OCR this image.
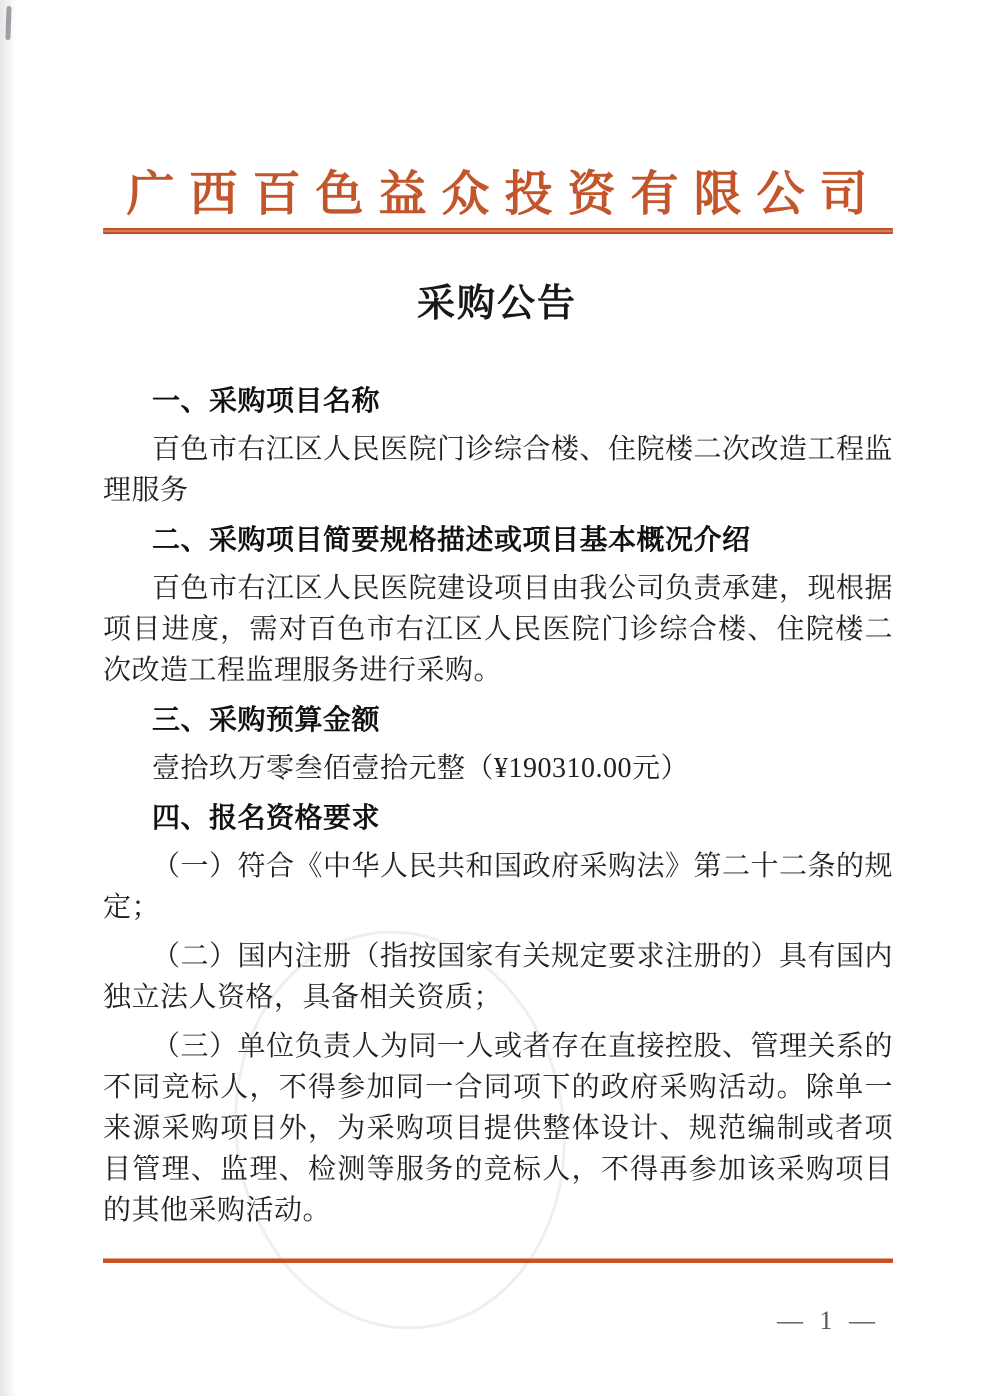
广西百色益众投资有限公司
采购公告

一、采购项目名称

百色市右江区人民医院门诊综合楼、住院楼二次改造工程监理服务

二、采购项目简要规格描述或项目基本概况介绍

百色市右江区人民医院建设项目由我公司负责承建，现根据项目进度，需对百色市右江区人民医院门诊综合楼、住院楼二次改造工程监理服务进行采购。

三、采购预算金额

壹拾玖万零叁佰壹拾元整（¥190310.00元）

四、报名资格要求

（一）符合《中华人民共和国政府采购法》第二十二条的规定；

（二）国内注册（指按国家有关规定要求注册的）具有国内独立法人资格，具备相关资质；

（三）单位负责人为同一人或者存在直接控股、管理关系的不同竞标人，不得参加同一合同项下的政府采购活动。除单一来源采购项目外，为采购项目提供整体设计、规范编制或者项目管理、监理、检测等服务的竞标人，不得再参加该采购项目的其他采购活动。

— 1 —
